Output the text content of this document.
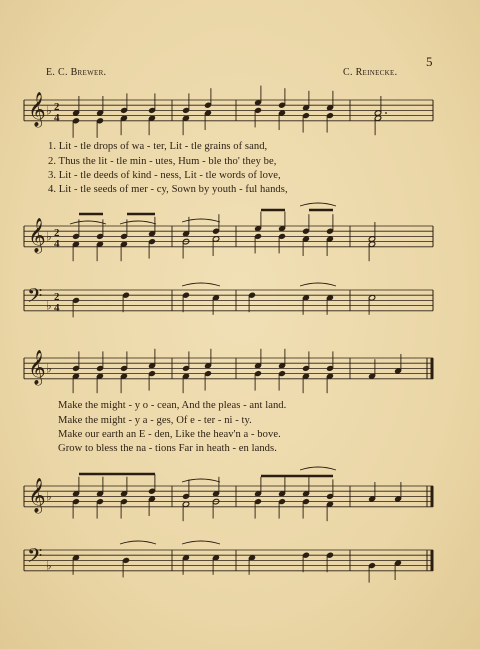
5
E. C. Brewer.	C. Reinecke.
𝄞 ♭ 2
4
𝄞 ♭ 2
4
𝄢 ♭
2
4
𝄞 ♭
𝄞 ♭
𝄢 ♭
1. Lit - tle drops of wa - ter, Lit - tle grains of sand,
2. Thus the lit - tle min - utes, Hum - ble tho' they be,
3. Lit - tle deeds of kind - ness, Lit - tle words of love,
4. Lit - tle seeds of mer - cy, Sown by youth - ful hands,
Make the might - y o - cean, And the pleas - ant land.
Make the might - y a - ges, Of e - ter - ni - ty.
Make our earth an E - den, Like the heav'n a - bove.
Grow to bless the na - tions Far in heath - en lands.
